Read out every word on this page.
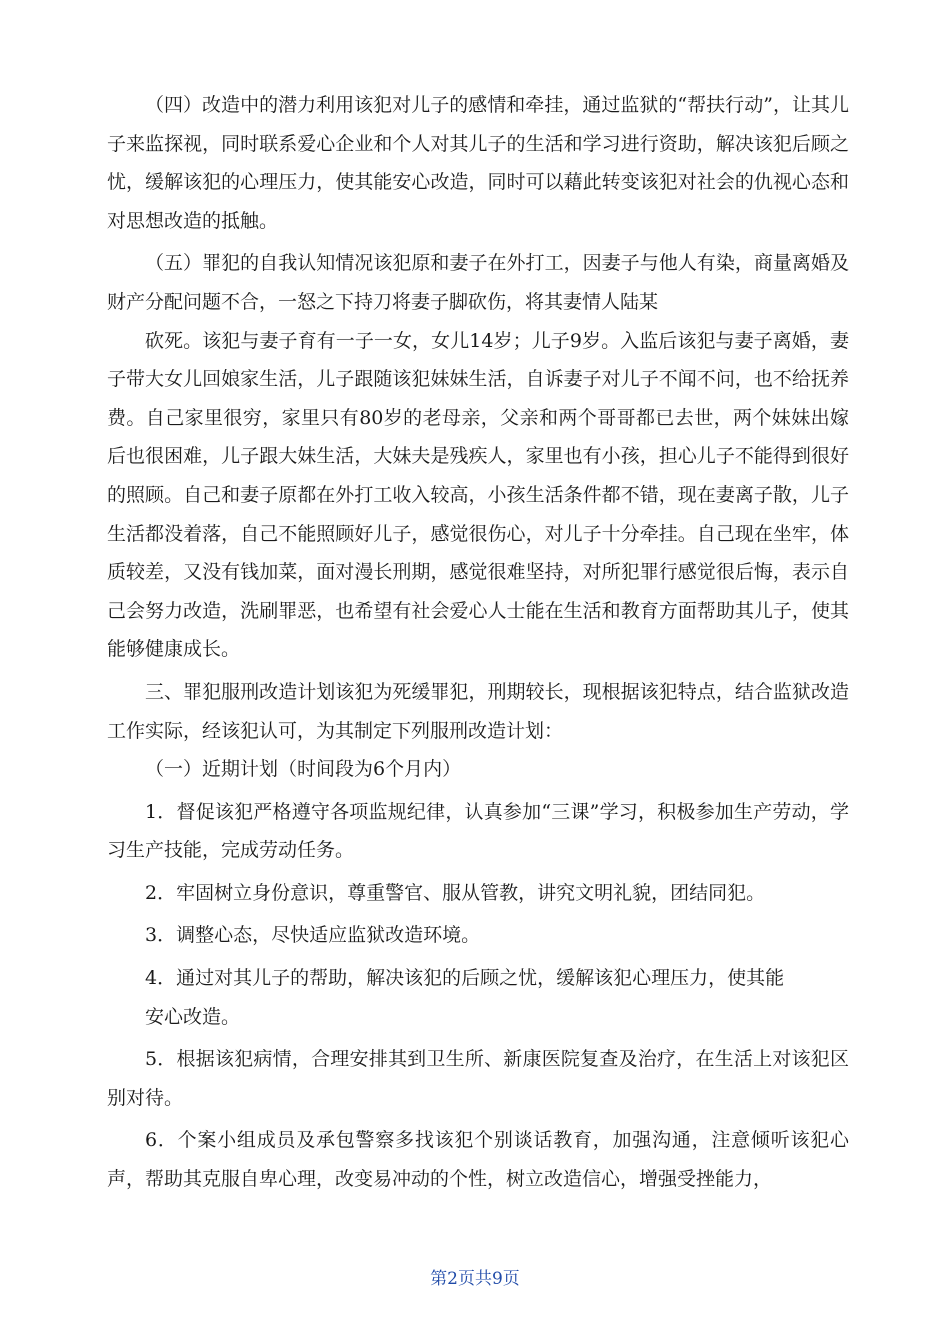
（四）改造中的潜力利用该犯对儿子的感情和牵挂，通过监狱的“帮扶行动”，让其儿子来监探视，同时联系爱心企业和个人对其儿子的生活和学习进行资助，解决该犯后顾之忧，缓解该犯的心理压力，使其能安心改造，同时可以藉此转变该犯对社会的仇视心态和对思想改造的抵触。

（五）罪犯的自我认知情况该犯原和妻子在外打工，因妻子与他人有染，商量离婚及财产分配问题不合，一怒之下持刀将妻子脚砍伤，将其妻情人陆某

砍死。该犯与妻子育有一子一女，女儿14岁；儿子9岁。入监后该犯与妻子离婚，妻子带大女儿回娘家生活，儿子跟随该犯妹妹生活，自诉妻子对儿子不闻不问，也不给抚养费。自己家里很穷，家里只有80岁的老母亲，父亲和两个哥哥都已去世，两个妹妹出嫁后也很困难，儿子跟大妹生活，大妹夫是残疾人，家里也有小孩，担心儿子不能得到很好的照顾。自己和妻子原都在外打工收入较高，小孩生活条件都不错，现在妻离子散，儿子生活都没着落，自己不能照顾好儿子，感觉很伤心，对儿子十分牵挂。自己现在坐牢，体质较差，又没有钱加菜，面对漫长刑期，感觉很难坚持，对所犯罪行感觉很后悔，表示自己会努力改造，洗刷罪恶，也希望有社会爱心人士能在生活和教育方面帮助其儿子，使其能够健康成长。

三、罪犯服刑改造计划该犯为死缓罪犯，刑期较长，现根据该犯特点，结合监狱改造工作实际，经该犯认可，为其制定下列服刑改造计划：

（一）近期计划（时间段为6个月内）

1．督促该犯严格遵守各项监规纪律，认真参加“三课”学习，积极参加生产劳动，学习生产技能，完成劳动任务。

2．牢固树立身份意识，尊重警官、服从管教，讲究文明礼貌，团结同犯。

3．调整心态，尽快适应监狱改造环境。

4．通过对其儿子的帮助，解决该犯的后顾之忧，缓解该犯心理压力，使其能

安心改造。

5．根据该犯病情，合理安排其到卫生所、新康医院复查及治疗，在生活上对该犯区别对待。

6．个案小组成员及承包警察多找该犯个别谈话教育，加强沟通，注意倾听该犯心声，帮助其克服自卑心理，改变易冲动的个性，树立改造信心，增强受挫能力，

第2页共9页
